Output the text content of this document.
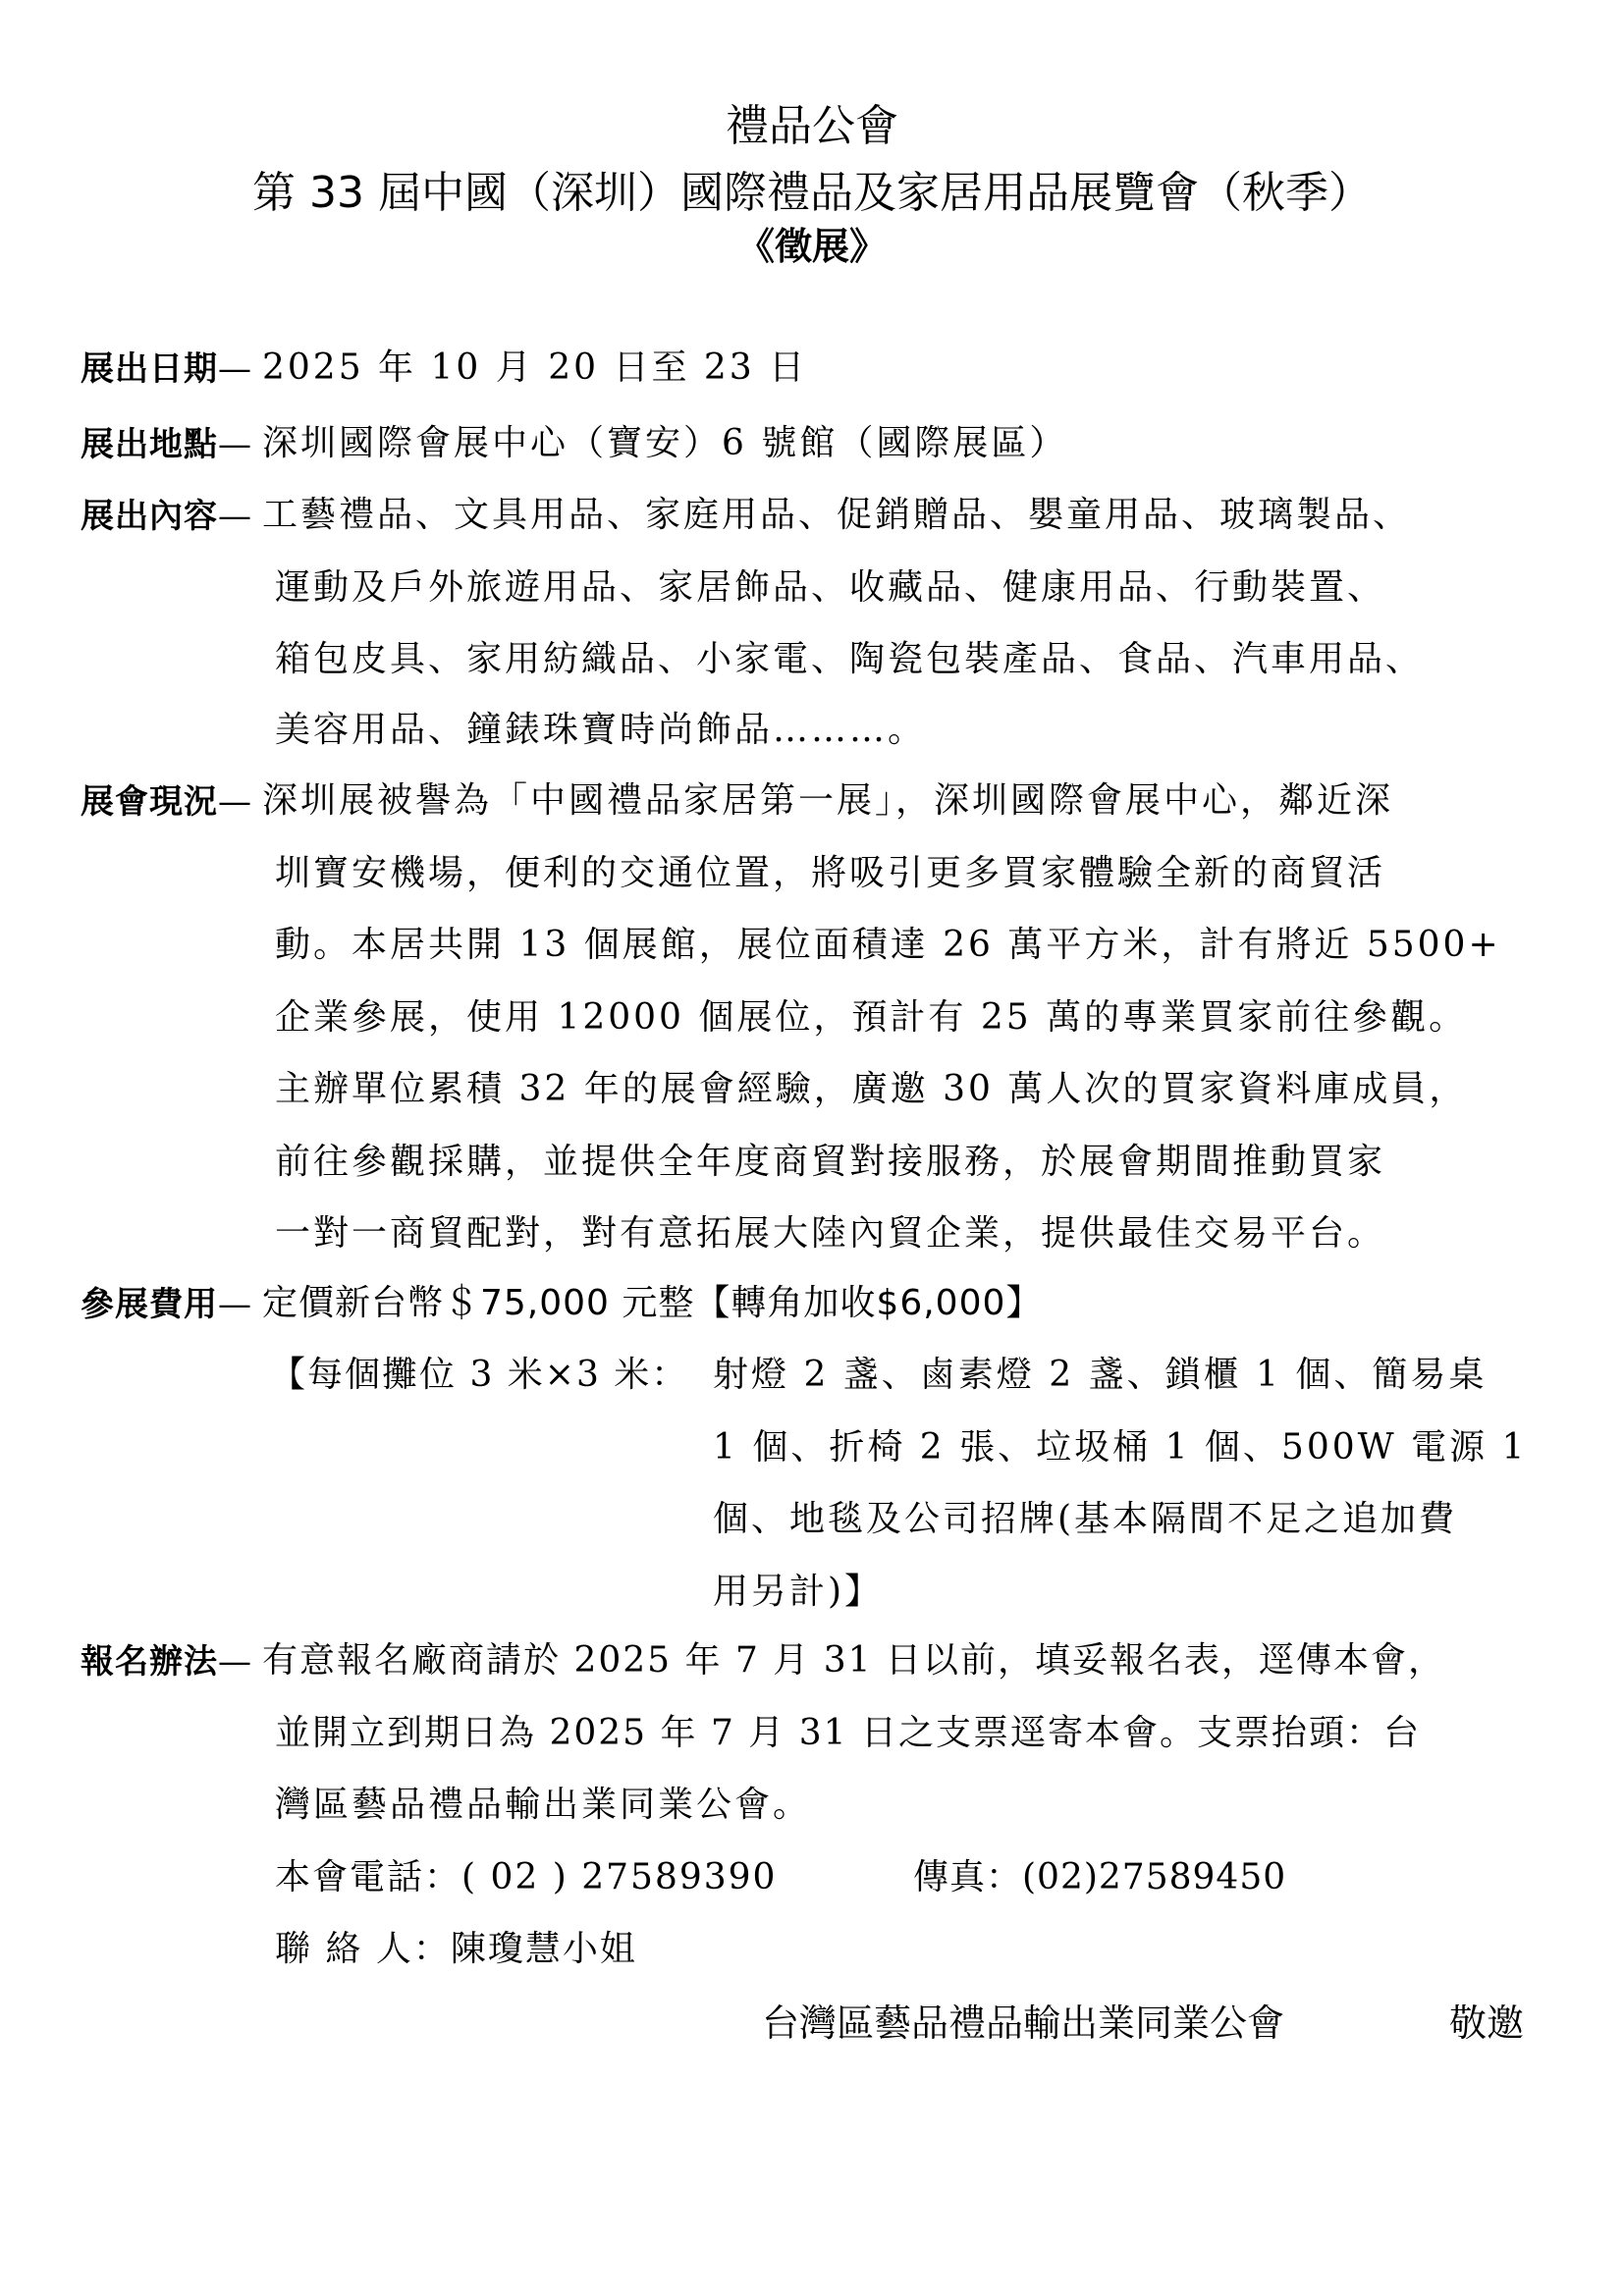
禮品公會
第 33 屆中國（深圳）國際禮品及家居用品展覽會（秋季）
《徵展》
展出日期— 2025 年 10 月 20 日至 23 日
展出地點— 深圳國際會展中心（寶安）6 號館（國際展區）
展出內容— 工藝禮品、文具用品、家庭用品、促銷贈品、嬰童用品、玻璃製品、
運動及戶外旅遊用品、家居飾品、收藏品、健康用品、行動裝置、
箱包皮具、家用紡織品、小家電、陶瓷包裝產品、食品、汽車用品、
美容用品、鐘錶珠寶時尚飾品………。
展會現況— 深圳展被譽為「中國禮品家居第一展」，深圳國際會展中心，鄰近深
圳寶安機場，便利的交通位置，將吸引更多買家體驗全新的商貿活
動。本居共開 13 個展館，展位面積達 26 萬平方米，計有將近 5500+
企業參展，使用 12000 個展位，預計有 25 萬的專業買家前往參觀。
主辦單位累積 32 年的展會經驗，廣邀 30 萬人次的買家資料庫成員，
前往參觀採購，並提供全年度商貿對接服務，於展會期間推動買家
一對一商貿配對，對有意拓展大陸內貿企業，提供最佳交易平台。
參展費用— 定價新台幣＄75,000 元整【轉角加收$6,000】
【每個攤位 3 米×3 米： 射燈 2 盞、鹵素燈 2 盞、鎖櫃 1 個、簡易桌
1 個、折椅 2 張、垃圾桶 1 個、500W 電源 1
個、地毯及公司招牌(基本隔間不足之追加費
用另計)】
報名辦法— 有意報名廠商請於 2025 年 7 月 31 日以前，填妥報名表，逕傳本會，
並開立到期日為 2025 年 7 月 31 日之支票逕寄本會。支票抬頭：台
灣區藝品禮品輸出業同業公會。
本會電話：( 02 ) 27589390	傳真：(02)27589450
聯 絡 人：陳瓊慧小姐
台灣區藝品禮品輸出業同業公會	敬邀
